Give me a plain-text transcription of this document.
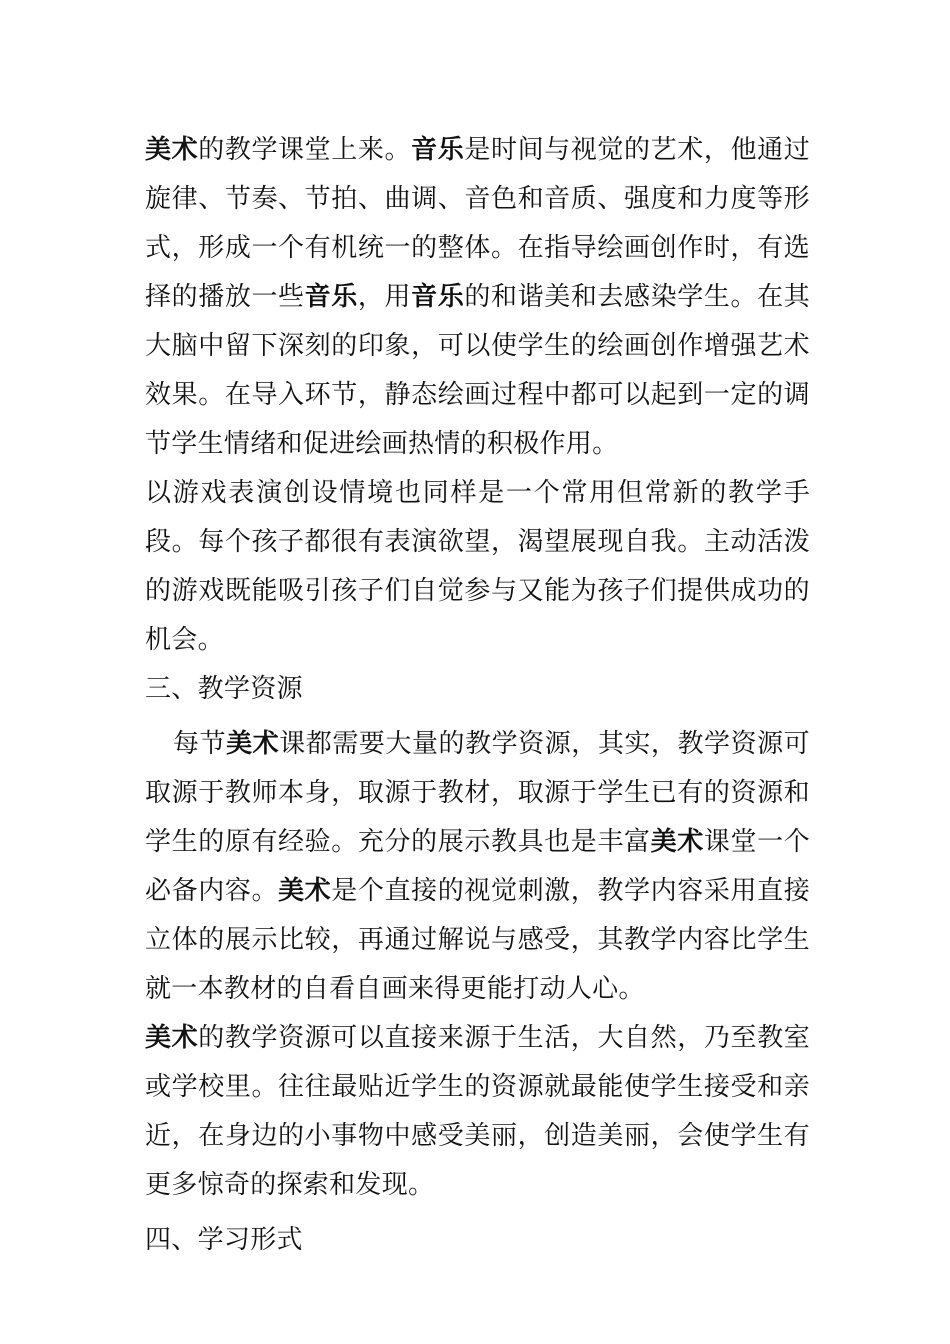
美术的教学课堂上来。音乐是时间与视觉的艺术，他通过旋律、节奏、节拍、曲调、音色和音质、强度和力度等形式，形成一个有机统一的整体。在指导绘画创作时，有选择的播放一些音乐，用音乐的和谐美和去感染学生。在其大脑中留下深刻的印象，可以使学生的绘画创作增强艺术效果。在导入环节，静态绘画过程中都可以起到一定的调节学生情绪和促进绘画热情的积极作用。

以游戏表演创设情境也同样是一个常用但常新的教学手段。每个孩子都很有表演欲望，渴望展现自我。主动活泼的游戏既能吸引孩子们自觉参与又能为孩子们提供成功的机会。

三、教学资源

每节美术课都需要大量的教学资源，其实，教学资源可取源于教师本身，取源于教材，取源于学生已有的资源和学生的原有经验。充分的展示教具也是丰富美术课堂一个必备内容。美术是个直接的视觉刺激，教学内容采用直接立体的展示比较，再通过解说与感受，其教学内容比学生就一本教材的自看自画来得更能打动人心。

美术的教学资源可以直接来源于生活，大自然，乃至教室或学校里。往往最贴近学生的资源就最能使学生接受和亲近，在身边的小事物中感受美丽，创造美丽，会使学生有更多惊奇的探索和发现。

四、学习形式
